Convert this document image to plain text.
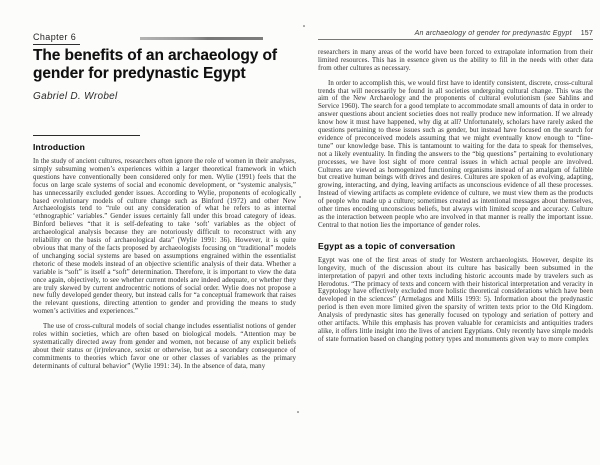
Chapter 6
The benefits of an archaeology of gender for predynastic Egypt
Gabriel D. Wrobel
Introduction

In the study of ancient cultures, researchers often ignore the role of women in their analyses, simply subsuming women’s experiences within a larger theoretical framework in which questions have conventionally been considered only for men. Wylie (1991) feels that the focus on large scale systems of social and economic development, or “systemic analysis,” has unnecessarily excluded gender issues. According to Wylie, proponents of ecologically based evolutionary models of culture change such as Binford (1972) and other New Archaeologists tend to “rule out any consideration of what he refers to as internal ‘ethnographic’ variables.” Gender issues certainly fall under this broad category of ideas. Binford believes “that it is self-defeating to take ‘soft’ variables as the object of archaeological analysis because they are notoriously difficult to reconstruct with any reliability on the basis of archaeological data” (Wylie 1991: 36). However, it is quite obvious that many of the facts proposed by archaeologists focusing on “traditional” models of unchanging social systems are based on assumptions engrained within the essentialist rhetoric of these models instead of an objective scientific analysis of their data. Whether a variable is “soft” is itself a “soft” determination. Therefore, it is important to view the data once again, objectively, to see whether current models are indeed adequate, or whether they are truly skewed by current androcentric notions of social order. Wylie does not propose a new fully developed gender theory, but instead calls for “a conceptual framework that raises the relevant questions, directing attention to gender and providing the means to study women’s activities and experiences.”

The use of cross-cultural models of social change includes essentialist notions of gender roles within societies, which are often based on biological models. “Attention may be systematically directed away from gender and women, not because of any explicit beliefs about their status or (ir)relevance, sexist or otherwise, but as a secondary consequence of commitments to theories which favor one or other classes of variables as the primary determinants of cultural behavior” (Wylie 1991: 34). In the absence of data, many

An archaeology of gender for predynastic Egypt 157

researchers in many areas of the world have been forced to extrapolate information from their limited resources. This has in essence given us the ability to fill in the needs with other data from other cultures as necessary.

In order to accomplish this, we would first have to identify consistent, discrete, cross-cultural trends that will necessarily be found in all societies undergoing cultural change. This was the aim of the New Archaeology and the proponents of cultural evolutionism (see Sahlins and Service 1960). The search for a good template to accommodate small amounts of data in order to answer questions about ancient societies does not really produce new information. If we already know how it must have happened, why dig at all? Unfortunately, scholars have rarely asked the questions pertaining to these issues such as gender, but instead have focused on the search for evidence of preconceived models assuming that we might eventually know enough to “fine-tune” our knowledge base. This is tantamount to waiting for the data to speak for themselves, not a likely eventuality. In finding the answers to the “big questions” pertaining to evolutionary processes, we have lost sight of more central issues in which actual people are involved. Cultures are viewed as homogenized functioning organisms instead of an amalgam of fallible but creative human beings with drives and desires. Cultures are spoken of as evolving, adapting, growing, interacting, and dying, leaving artifacts as unconscious evidence of all these processes. Instead of viewing artifacts as complete evidence of culture, we must view them as the products of people who made up a culture; sometimes created as intentional messages about themselves, other times encoding unconscious beliefs, but always with limited scope and accuracy. Culture as the interaction between people who are involved in that manner is really the important issue. Central to that notion lies the importance of gender roles.

Egypt as a topic of conversation

Egypt was one of the first areas of study for Western archaeologists. However, despite its longevity, much of the discussion about its culture has basically been subsumed in the interpretation of papyri and other texts including historic accounts made by travelers such as Herodotus. “The primacy of texts and concern with their historical interpretation and veracity in Egyptology have effectively excluded more holistic theoretical considerations which have been developed in the sciences” (Armelagos and Mills 1993: 5). Information about the predynastic period is then even more limited given the sparsity of written texts prior to the Old Kingdom. Analysis of predynastic sites has generally focused on typology and seriation of pottery and other artifacts. While this emphasis has proven valuable for ceramicists and antiquities traders alike, it offers little insight into the lives of ancient Egyptians. Only recently have simple models of state formation based on changing pottery types and monuments given way to more complex
